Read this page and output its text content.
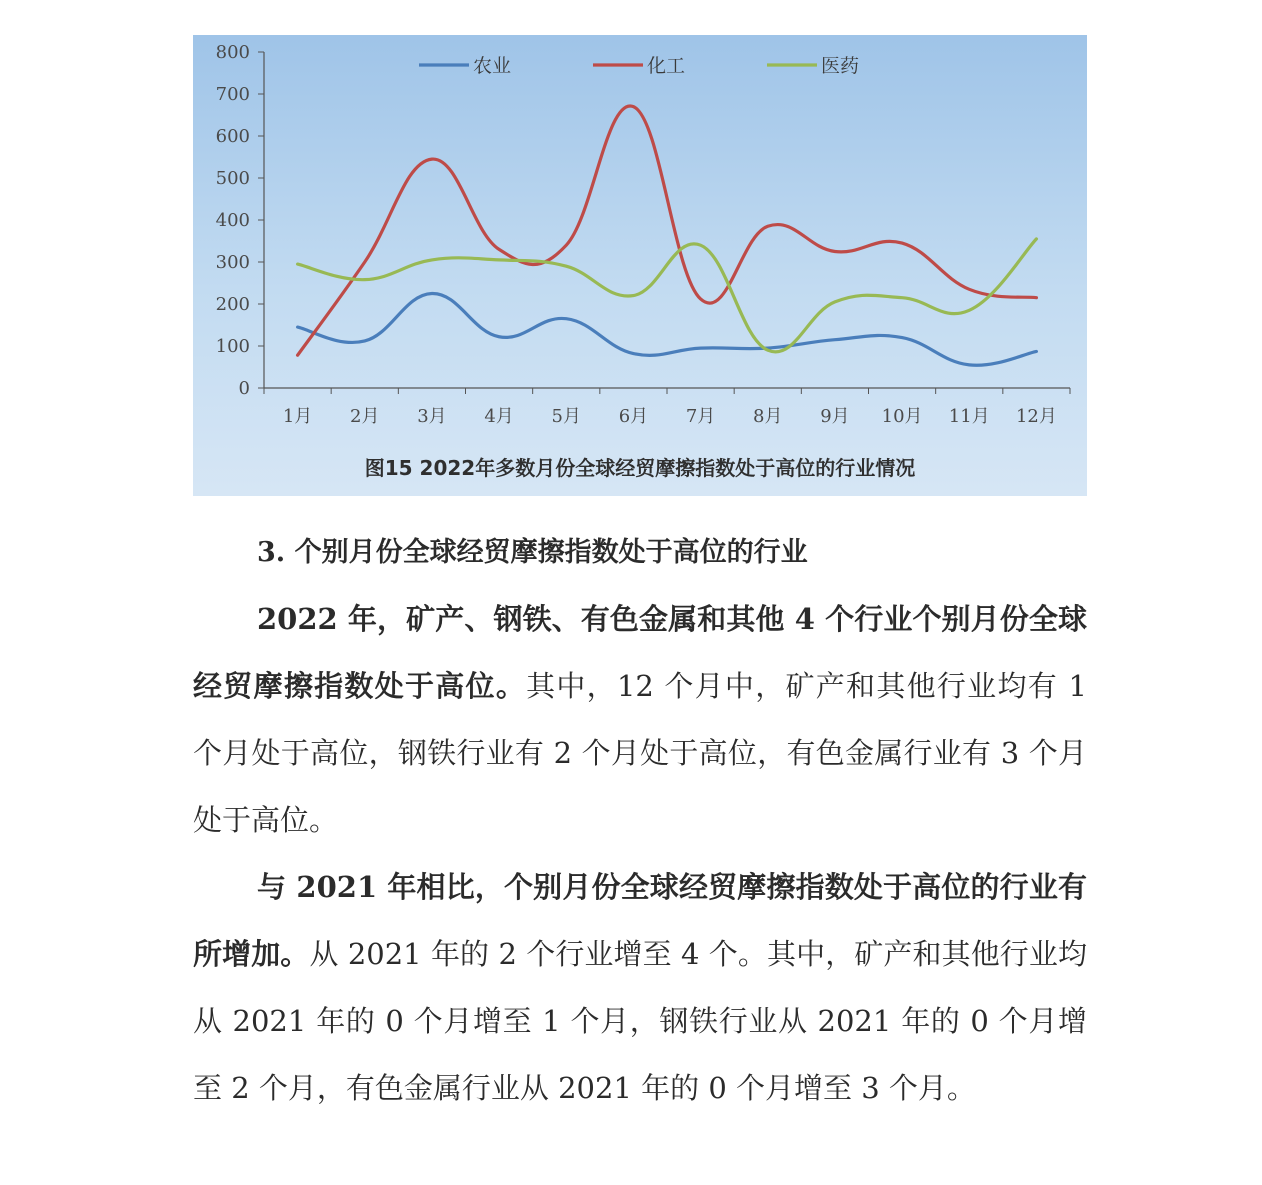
0
100
200
300
400
500
600
700
800
1月 2月 3月 4月 5月 6月 7月 8月 9月 10月 11月 12月
农业	化工	医药
图15 2022年多数月份全球经贸摩擦指数处于高位的行业情况

3. 个别月份全球经贸摩擦指数处于高位的行业

2022 年，矿产、钢铁、有色金属和其他 4 个行业个别月份全球经贸摩擦指数处于高位。其中，12 个月中，矿产和其他行业均有 1 个月处于高位，钢铁行业有 2 个月处于高位，有色金属行业有 3 个月处于高位。

与 2021 年相比，个别月份全球经贸摩擦指数处于高位的行业有所增加。从 2021 年的 2 个行业增至 4 个。其中，矿产和其他行业均从 2021 年的 0 个月增至 1 个月，钢铁行业从 2021 年的 0 个月增至 2 个月，有色金属行业从 2021 年的 0 个月增至 3 个月。
